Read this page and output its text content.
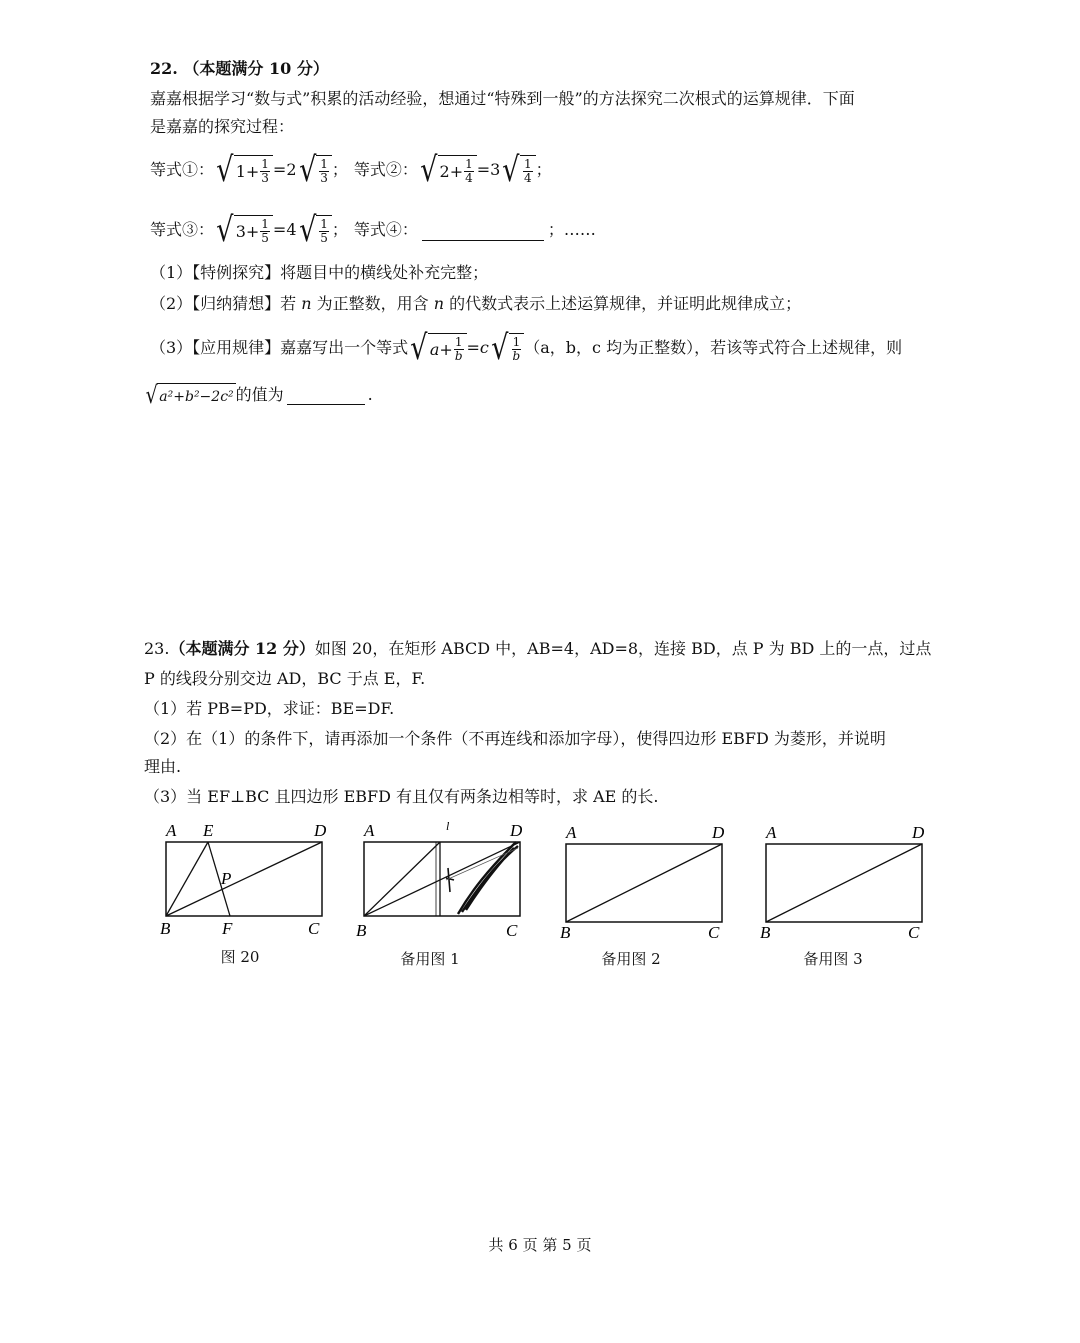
22. （本题满分 10 分）
嘉嘉根据学习“数与式”积累的活动经验，想通过“特殊到一般”的方法探究二次根式的运算规律．下面
是嘉嘉的探究过程：
等式①： √ $1+ \frac{1}{3} =2$ √ $\frac{1}{3}$ ； 等式②： √ $2+ \frac{1}{4} =3$ √ $\frac{1}{4}$ ；
等式③： √ $3+ \frac{1}{5} =4$ √ $\frac{1}{5}$ ； 等式④：	；……
（1）【特例探究】将题目中的横线处补充完整；
（2）【归纳猜想】若 n 为正整数，用含 n 的代数式表示上述运算规律，并证明此规律成立；
（3）【应用规律】嘉嘉写出一个等式 √ $a+ \frac{1}{b} =c$ √ $\frac{1}{b} (a$，b，c 均为正整数），若该等式符合上述规律，则
√ a²+b²−2c² 的值为	.
23.（本题满分 12 分）如图 20，在矩形 ABCD 中，AB=4，AD=8，连接 BD，点 P 为 BD 上的一点，过点
P 的线段分别交边 AD，BC 于点 E，F.
（1）若 PB=PD，求证：BE=DF.
（2）在（1）的条件下，请再添加一个条件（不再连线和添加字母），使得四边形 EBFD 为菱形，并说明
理由.
（3）当 EF⊥BC 且四边形 EBFD 有且仅有两条边相等时，求 AE 的长.
A E	D
P
B	F	C
图 20
A	l	D
B	C
备用图 1
A	D
B	C
备用图 2
A	D
B	C
备用图 3
共 6 页 第 5 页
